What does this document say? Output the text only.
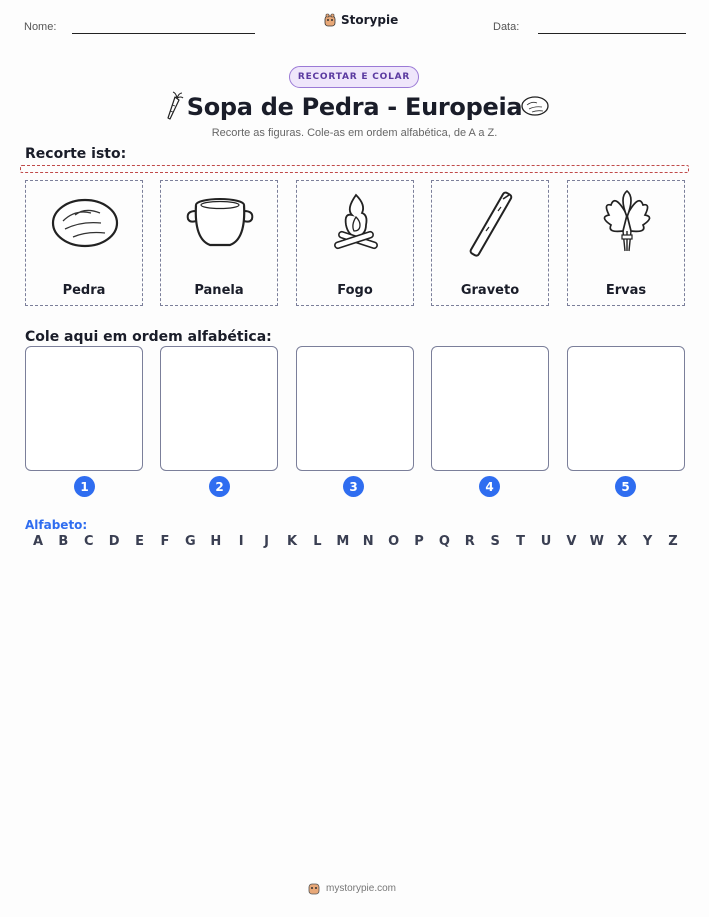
Nome:	Storypie	Data:
RECORTAR E COLAR
Sopa de Pedra - Europeia
Recorte as figuras. Cole-as em ordem alfabética, de A a Z.
Recorte isto:
Pedra	Panela	Fogo	Graveto	Ervas
Cole aqui em ordem alfabética:
1	2	3	4	5
Alfabeto:
A	B	C	D	E	F	G	H	I	J	K	L	M	N	O	P	Q	R	S	T	U	V	W	X	Y	Z
mystorypie.com
